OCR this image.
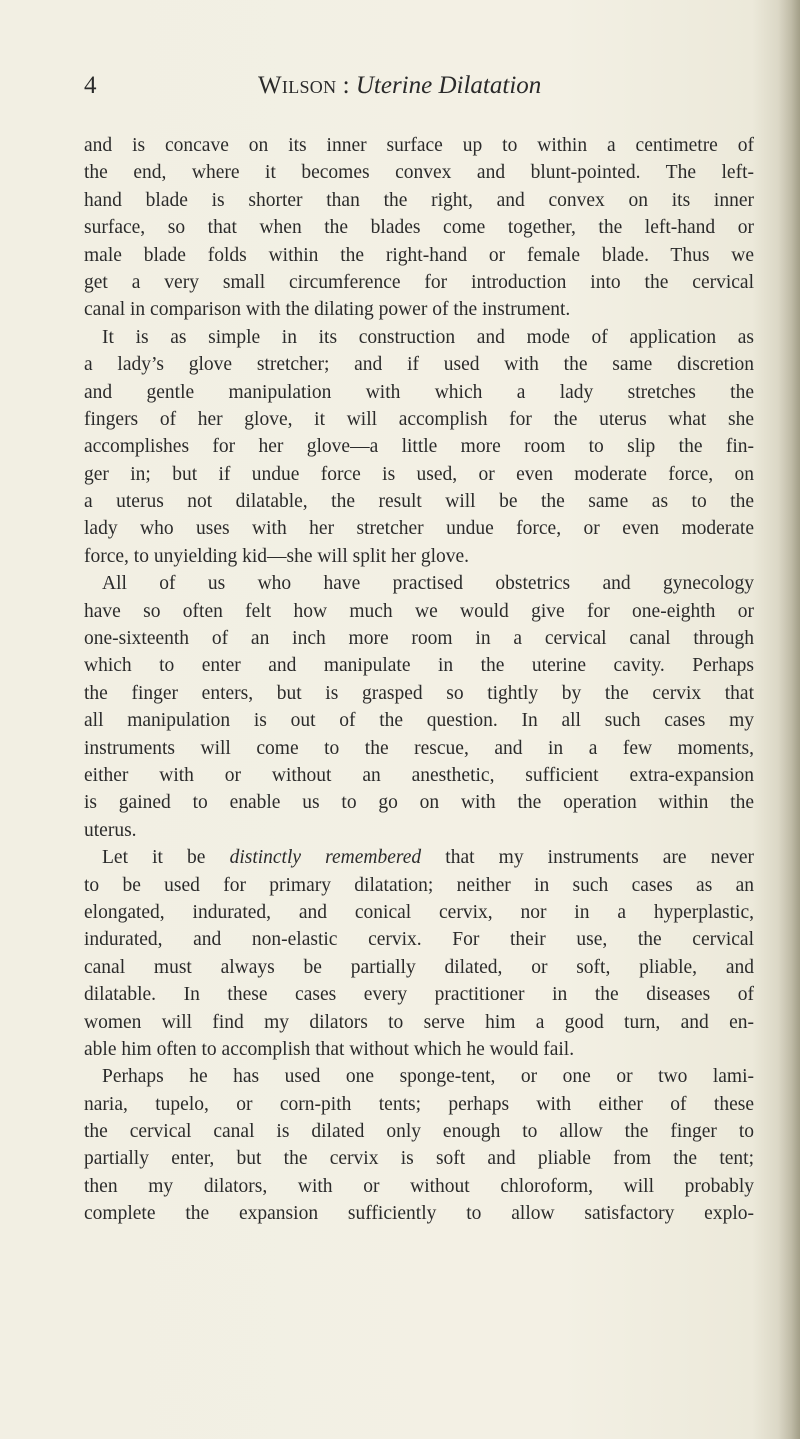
4	Wilson : Uterine Dilatation
and is concave on its inner surface up to within a centimetre of
the end, where it becomes convex and blunt-pointed. The left-
hand blade is shorter than the right, and convex on its inner
surface, so that when the blades come together, the left-hand or
male blade folds within the right-hand or female blade. Thus we
get a very small circumference for introduction into the cervical
canal in comparison with the dilating power of the instrument.
It is as simple in its construction and mode of application as
a lady’s glove stretcher; and if used with the same discretion
and gentle manipulation with which a lady stretches the
fingers of her glove, it will accomplish for the uterus what she
accomplishes for her glove—a little more room to slip the fin-
ger in; but if undue force is used, or even moderate force, on
a uterus not dilatable, the result will be the same as to the
lady who uses with her stretcher undue force, or even moderate
force, to unyielding kid—she will split her glove.
All of us who have practised obstetrics and gynecology
have so often felt how much we would give for one-eighth or
one-sixteenth of an inch more room in a cervical canal through
which to enter and manipulate in the uterine cavity. Perhaps
the finger enters, but is grasped so tightly by the cervix that
all manipulation is out of the question. In all such cases my
instruments will come to the rescue, and in a few moments,
either with or without an anesthetic, sufficient extra-expansion
is gained to enable us to go on with the operation within the
uterus.
Let it be distinctly remembered that my instruments are never
to be used for primary dilatation; neither in such cases as an
elongated, indurated, and conical cervix, nor in a hyperplastic,
indurated, and non-elastic cervix. For their use, the cervical
canal must always be partially dilated, or soft, pliable, and
dilatable. In these cases every practitioner in the diseases of
women will find my dilators to serve him a good turn, and en-
able him often to accomplish that without which he would fail.
Perhaps he has used one sponge-tent, or one or two lami-
naria, tupelo, or corn-pith tents; perhaps with either of these
the cervical canal is dilated only enough to allow the finger to
partially enter, but the cervix is soft and pliable from the tent;
then my dilators, with or without chloroform, will probably
complete the expansion sufficiently to allow satisfactory explo-
